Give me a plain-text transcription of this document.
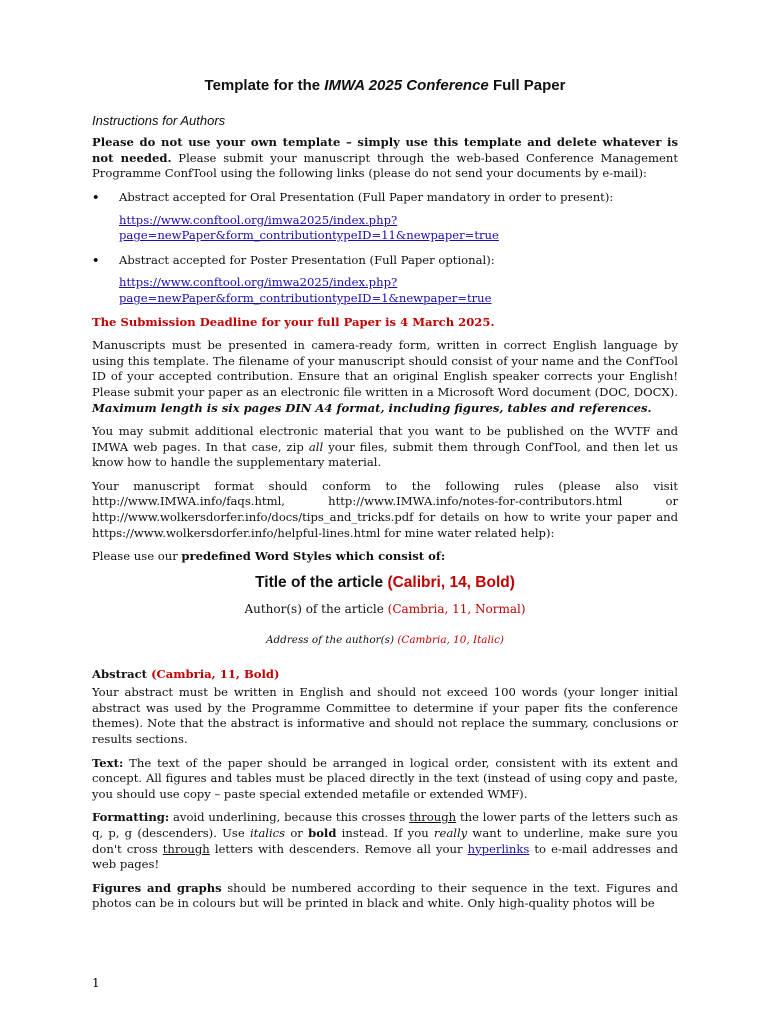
Template for the IMWA 2025 Conference Full Paper

Instructions for Authors

Please do not use your own template – simply use this template and delete whatever is not needed. Please submit your manuscript through the web-based Conference Management Programme ConfTool using the following links (please do not send your documents by e-mail):

• Abstract accepted for Oral Presentation (Full Paper mandatory in order to present):
https://www.conftool.org/imwa2025/index.php?
page=newPaper&form_contributiontypeID=11&newpaper=true
• Abstract accepted for Poster Presentation (Full Paper optional):
https://www.conftool.org/imwa2025/index.php?
page=newPaper&form_contributiontypeID=1&newpaper=true

The Submission Deadline for your full Paper is 4 March 2025.

Manuscripts must be presented in camera-ready form, written in correct English language by using this template. The filename of your manuscript should consist of your name and the ConfTool ID of your accepted contribution. Ensure that an original English speaker corrects your English! Please submit your paper as an electronic file written in a Microsoft Word document (DOC, DOCX). Maximum length is six pages DIN A4 format, including figures, tables and references.

You may submit additional electronic material that you want to be published on the WVTF and IMWA web pages. In that case, zip all your files, submit them through ConfTool, and then let us know how to handle the supplementary material.

Your manuscript format should conform to the following rules (please also visit http://www.IMWA.info/faqs.html, http://www.IMWA.info/notes-for-contributors.html or http://www.wolkersdorfer.info/docs/tips_and_tricks.pdf for details on how to write your paper and https://www.wolkersdorfer.info/helpful-lines.html for mine water related help):

Please use our predefined Word Styles which consist of:

Title of the article (Calibri, 14, Bold)

Author(s) of the article (Cambria, 11, Normal)

Address of the author(s) (Cambria, 10, Italic)

Abstract (Cambria, 11, Bold)

Your abstract must be written in English and should not exceed 100 words (your longer initial abstract was used by the Programme Committee to determine if your paper fits the conference themes). Note that the abstract is informative and should not replace the summary, conclusions or results sections.

Text: The text of the paper should be arranged in logical order, consistent with its extent and concept. All figures and tables must be placed directly in the text (instead of using copy and paste, you should use copy – paste special extended metafile or extended WMF).

Formatting: avoid underlining, because this crosses through the lower parts of the letters such as q, p, g (descenders). Use italics or bold instead. If you really want to underline, make sure you don't cross through letters with descenders. Remove all your hyperlinks to e-mail addresses and web pages!

Figures and graphs should be numbered according to their sequence in the text. Figures and photos can be in colours but will be printed in black and white. Only high-quality photos will be

1
